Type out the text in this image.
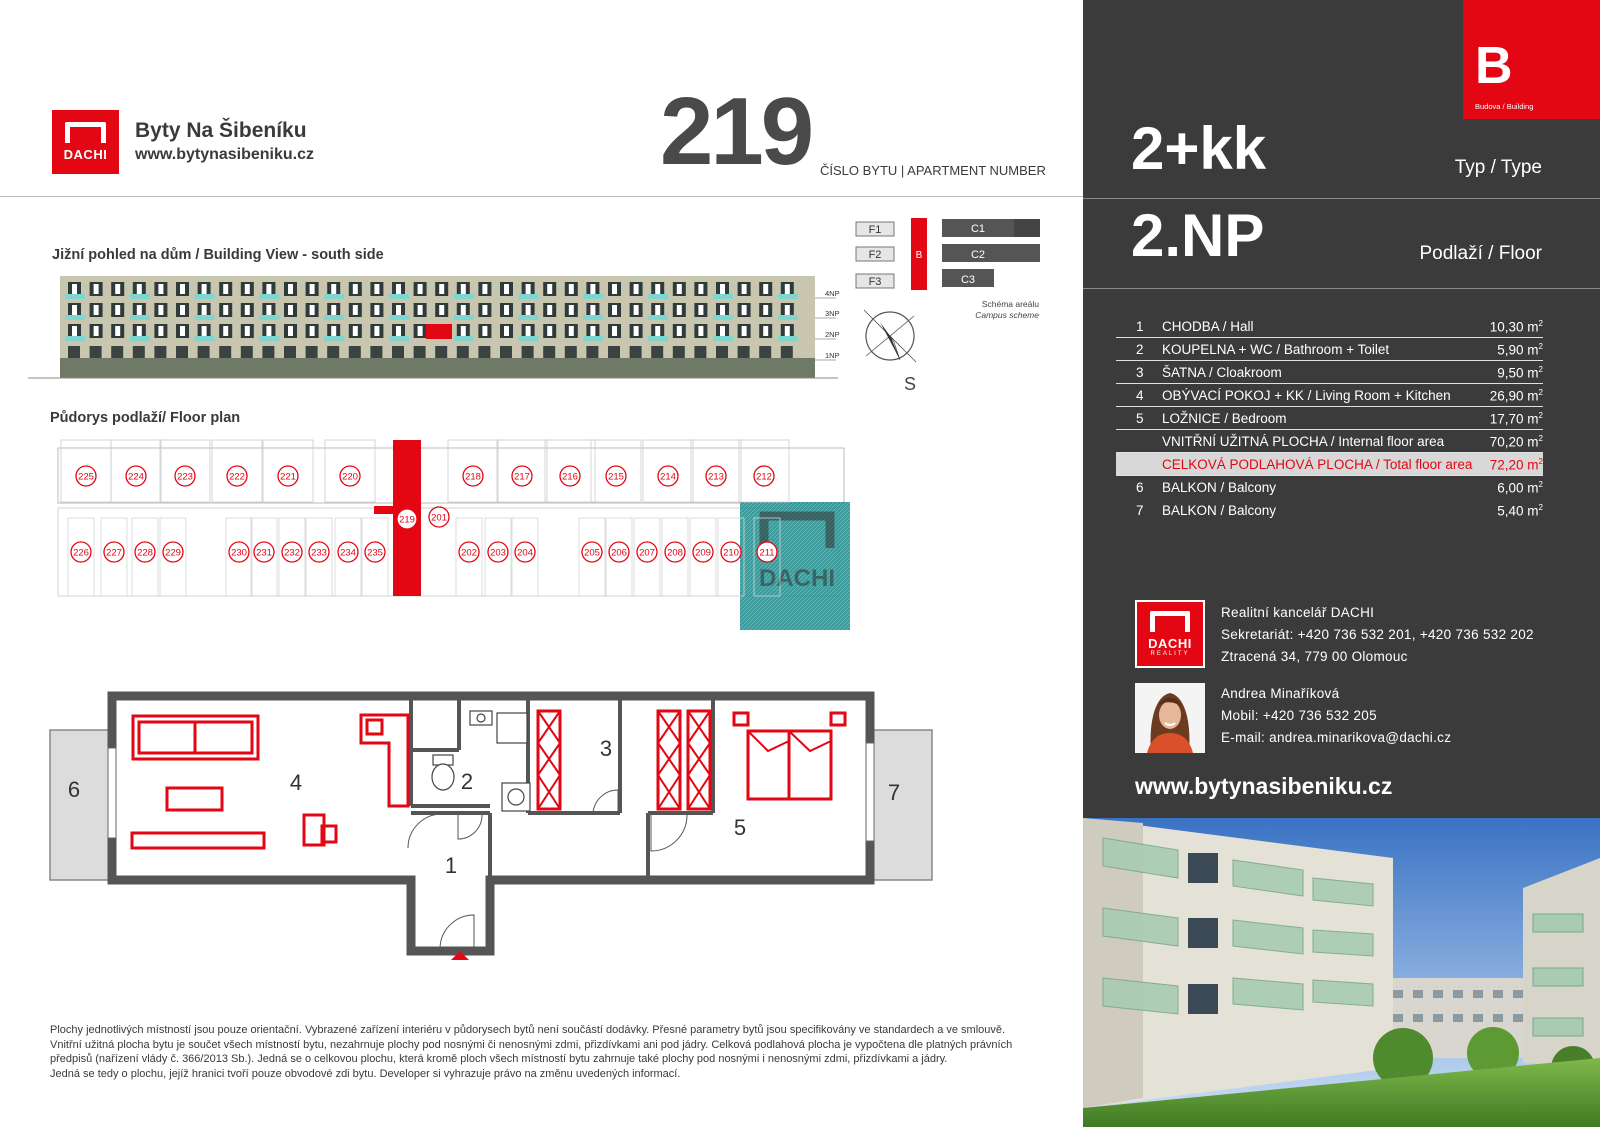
DACHI
Byty Na Šibeníku
www.bytynasibeniku.cz	219 ČÍSLO BYTU | APARTMENT NUMBER
Jižní pohled na dům / Building View - south side
4NP
3NP
2NP
1NP
F1
F2
F3
B
C1
C2
C3
Schéma areálu
Campus scheme
S
Půdorys podlaží/ Floor plan
DACHI
225	224	223	222	221	220	218	217	216	215	214	213	212
226 227 228 229	230 231 232 233 234 235	202 203 204	205 206 207 208 209 210 211
219 201
1
2
3
4
5
6	7
Plochy jednotlivých místností jsou pouze orientační. Vybrazené zařízení interiéru v půdorysech bytů není součástí dodávky. Přesné parametry bytů jsou specifikovány ve standardech a ve smlouvě.
Vnitřní užitná plocha bytu je součet všech místností bytu, nezahrnuje plochy pod nosnými či nenosnými zdmi, přizdívkami ani pod jádry. Celková podlahová plocha je vypočtena dle platných právních
předpisů (nařízení vlády č. 366/2013 Sb.). Jedná se o celkovou plochu, která kromě ploch všech místností bytu zahrnuje také plochy pod nosnými i nenosnými zdmi, přizdívkami a jádry.
Jedná se tedy o plochu, jejíž hranici tvoří pouze obvodové zdi bytu. Developer si vyhrazuje právo na změnu uvedených informací.
B
Budova / Building
2+kk	Typ / Type
2.NP	Podlaží / Floor
1	CHODBA / Hall	10,30 $m^2$
2	KOUPELNA + WC / Bathroom + Toilet	5,90 $m^2$
3	ŠATNA / Cloakroom	9,50 $m^2$
4	OBÝVACÍ POKOJ + KK / Living Room + Kitchen	26,90 $m^2$
5	LOŽNICE / Bedroom	17,70 $m^2$
VNITŘNÍ UŽITNÁ PLOCHA / Internal floor area	70,20 $m^2$
CELKOVÁ PODLAHOVÁ PLOCHA / Total floor area 72,20 $m^2$
6	BALKON / Balcony	6,00 $m^2$
7	BALKON / Balcony	5,40 $m^2$
DACHI
REALITY
Realitní kancelář DACHI
Sekretariát: +420 736 532 201, +420 736 532 202
Ztracená 34, 779 00 Olomouc
Andrea Minaříková
Mobil: +420 736 532 205
E-mail: andrea.minarikova@dachi.cz
www.bytynasibeniku.cz
